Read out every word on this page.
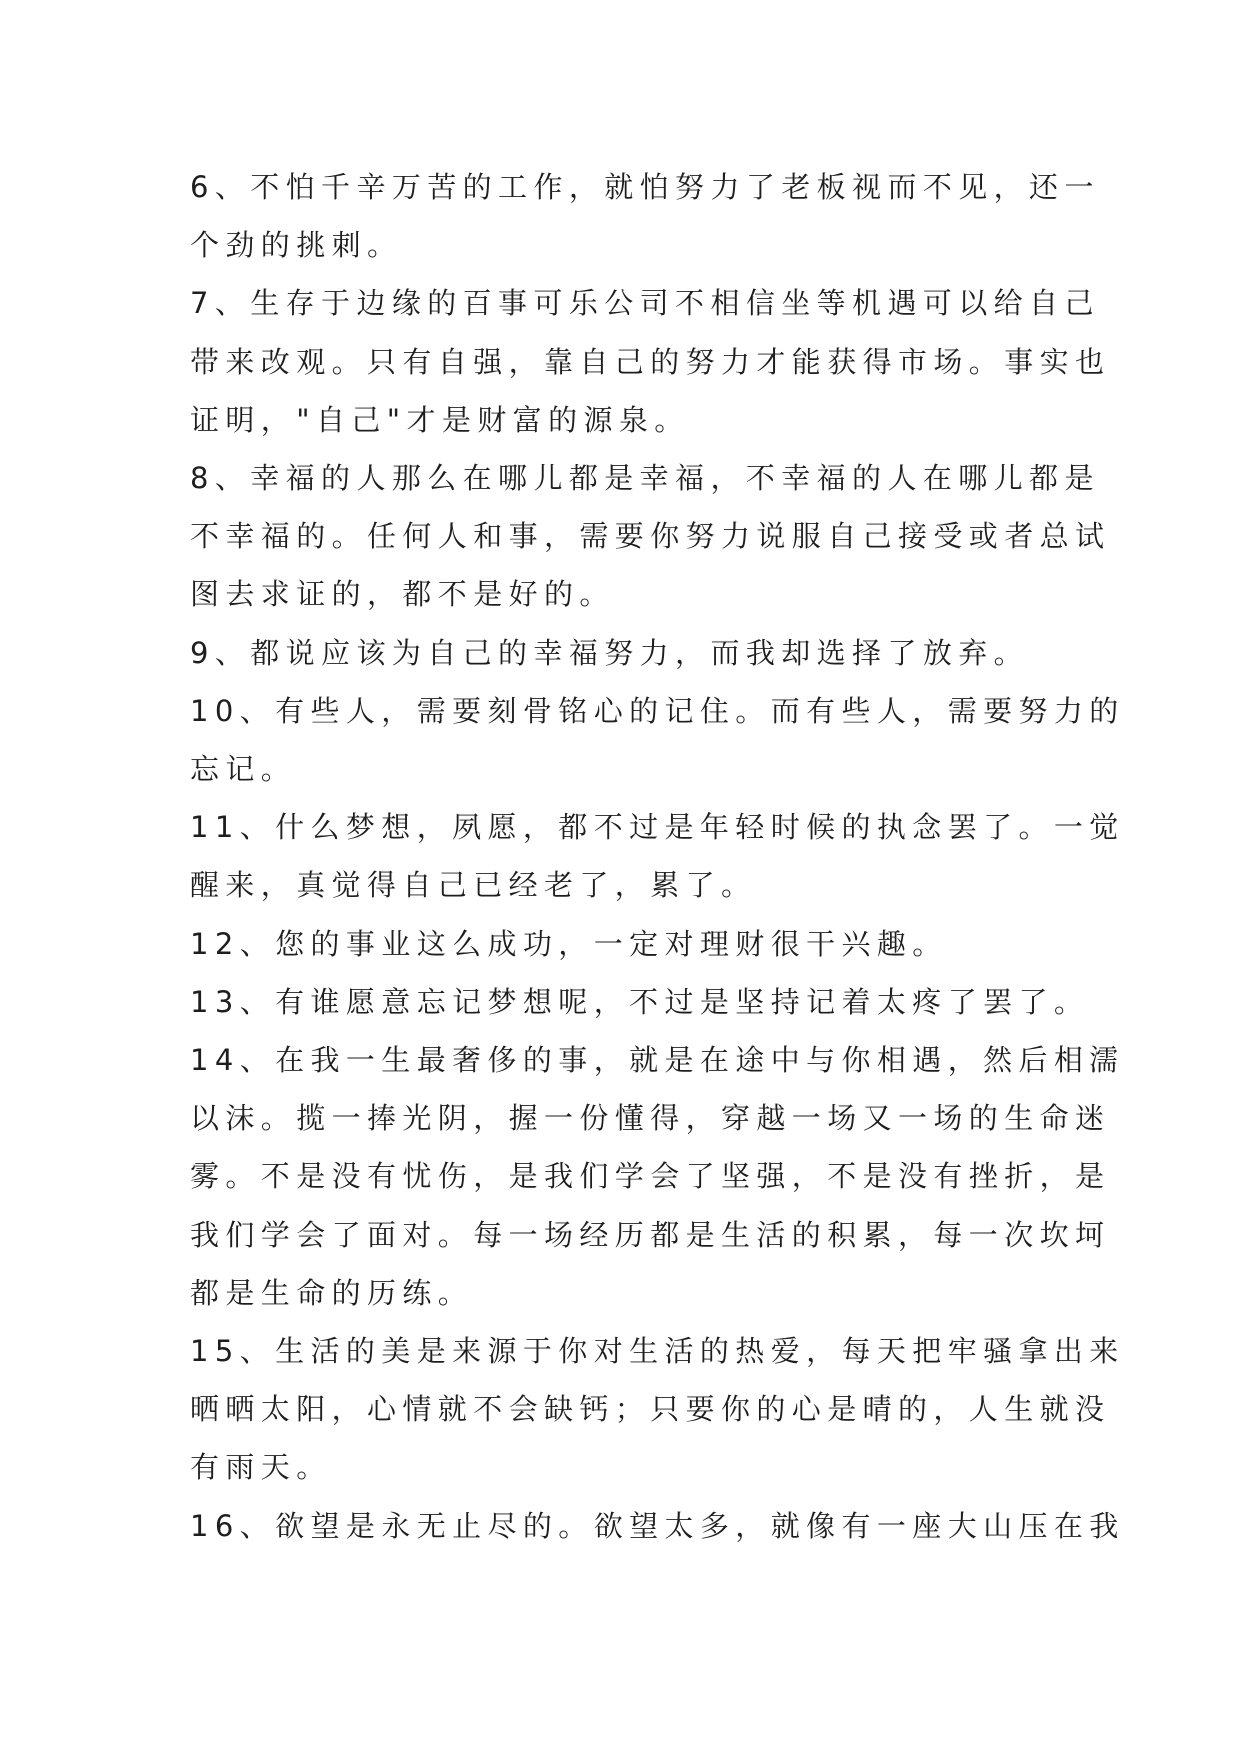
6、不怕千辛万苦的工作，就怕努力了老板视而不见，还一
个劲的挑刺。
7、生存于边缘的百事可乐公司不相信坐等机遇可以给自己
带来改观。只有自强，靠自己的努力才能获得市场。事实也
证明，"自己"才是财富的源泉。
8、幸福的人那么在哪儿都是幸福，不幸福的人在哪儿都是
不幸福的。任何人和事，需要你努力说服自己接受或者总试
图去求证的，都不是好的。
9、都说应该为自己的幸福努力，而我却选择了放弃。
10、有些人，需要刻骨铭心的记住。而有些人，需要努力的
忘记。
11、什么梦想，夙愿，都不过是年轻时候的执念罢了。一觉
醒来，真觉得自己已经老了，累了。
12、您的事业这么成功，一定对理财很干兴趣。
13、有谁愿意忘记梦想呢，不过是坚持记着太疼了罢了。
14、在我一生最奢侈的事，就是在途中与你相遇，然后相濡
以沫。揽一捧光阴，握一份懂得，穿越一场又一场的生命迷
雾。不是没有忧伤，是我们学会了坚强，不是没有挫折，是
我们学会了面对。每一场经历都是生活的积累，每一次坎坷
都是生命的历练。
15、生活的美是来源于你对生活的热爱，每天把牢骚拿出来
晒晒太阳，心情就不会缺钙；只要你的心是晴的，人生就没
有雨天。
16、欲望是永无止尽的。欲望太多，就像有一座大山压在我
